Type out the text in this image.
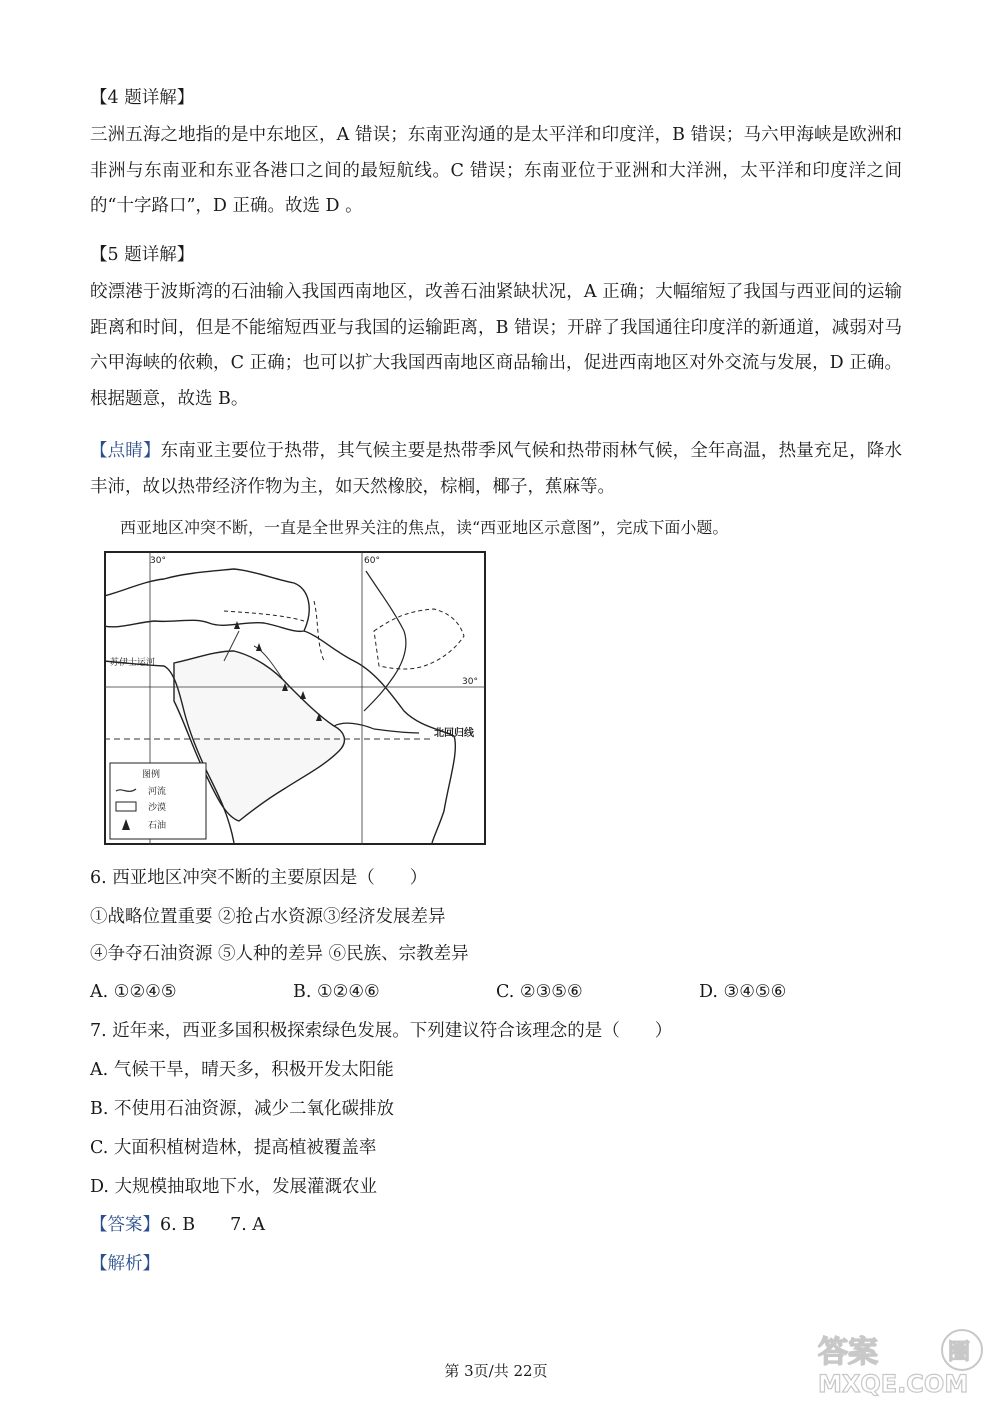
【4 题详解】
三洲五海之地指的是中东地区，A 错误；东南亚沟通的是太平洋和印度洋，B 错误；马六甲海峡是欧洲和非洲与东南亚和东亚各港口之间的最短航线。C 错误；东南亚位于亚洲和大洋洲，太平洋和印度洋之间的“十字路口”，D 正确。故选 D 。
【5 题详解】
皎漂港于波斯湾的石油输入我国西南地区，改善石油紧缺状况，A 正确；大幅缩短了我国与西亚间的运输距离和时间，但是不能缩短西亚与我国的运输距离，B 错误；开辟了我国通往印度洋的新通道，减弱对马六甲海峡的依赖，C 正确；也可以扩大我国西南地区商品输出，促进西南地区对外交流与发展，D 正确。根据题意，故选 B。
【点睛】东南亚主要位于热带，其气候主要是热带季风气候和热带雨林气候，全年高温，热量充足，降水丰沛，故以热带经济作物为主，如天然橡胶，棕榈，椰子，蕉麻等。
西亚地区冲突不断，一直是全世界关注的焦点，读“西亚地区示意图”，完成下面小题。
30°	60°
30°
苏伊士运河
北回归线
图例
河流
沙漠
石油
6. 西亚地区冲突不断的主要原因是（　　）
①战略位置重要 ②抢占水资源③经济发展差异
④争夺石油资源 ⑤人种的差异 ⑥民族、宗教差异
A. ①②④⑤	B. ①②④⑥	C. ②③⑤⑥	D. ③④⑤⑥
7. 近年来，西亚多国积极探索绿色发展。下列建议符合该理念的是（　　）
A. 气候干旱，晴天多，积极开发太阳能
B. 不使用石油资源，减少二氧化碳排放
C. 大面积植树造林，提高植被覆盖率
D. 大规模抽取地下水，发展灌溉农业
【答案】6. B　　7. A
【解析】
第 3页/共 22页
答案	圈
MXQE.COM
